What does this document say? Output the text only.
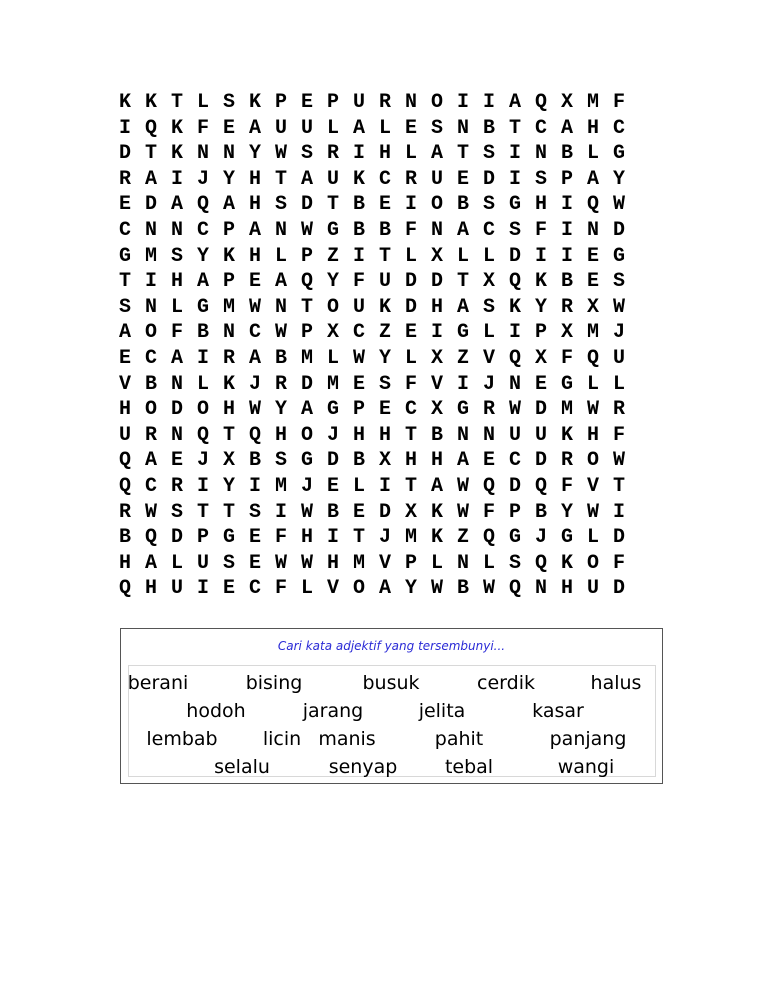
K K T L S K P E P U R N O I I A Q X M F
I Q K F E A U U L A L E S N B T C A H C
D T K N N Y W S R I H L A T S I N B L G
R A I J Y H T A U K C R U E D I S P A Y
E D A Q A H S D T B E I O B S G H I Q W
C N N C P A N W G B B F N A C S F I N D
G M S Y K H L P Z I T L X L L D I I E G
T I H A P E A Q Y F U D D T X Q K B E S
S N L G M W N T O U K D H A S K Y R X W
A O F B N C W P X C Z E I G L I P X M J
E C A I R A B M L W Y L X Z V Q X F Q U
V B N L K J R D M E S F V I J N E G L L
H O D O H W Y A G P E C X G R W D M W R
U R N Q T Q H O J H H T B N N U U K H F
Q A E J X B S G D B X H H A E C D R O W
Q C R I Y I M J E L I T A W Q D Q F V T
R W S T T S I W B E D X K W F P B Y W I
B Q D P G E F H I T J M K Z Q G J G L D
H A L U S E W W H M V P L N L S Q K O F
Q H U I E C F L V O A Y W B W Q N H U D
Cari kata adjektif yang tersembunyi...
berani	bising	busuk	cerdik	halus
hodoh	jarang	jelita	kasar
lembab licin manis	pahit	panjang
selalu	senyap	tebal	wangi
